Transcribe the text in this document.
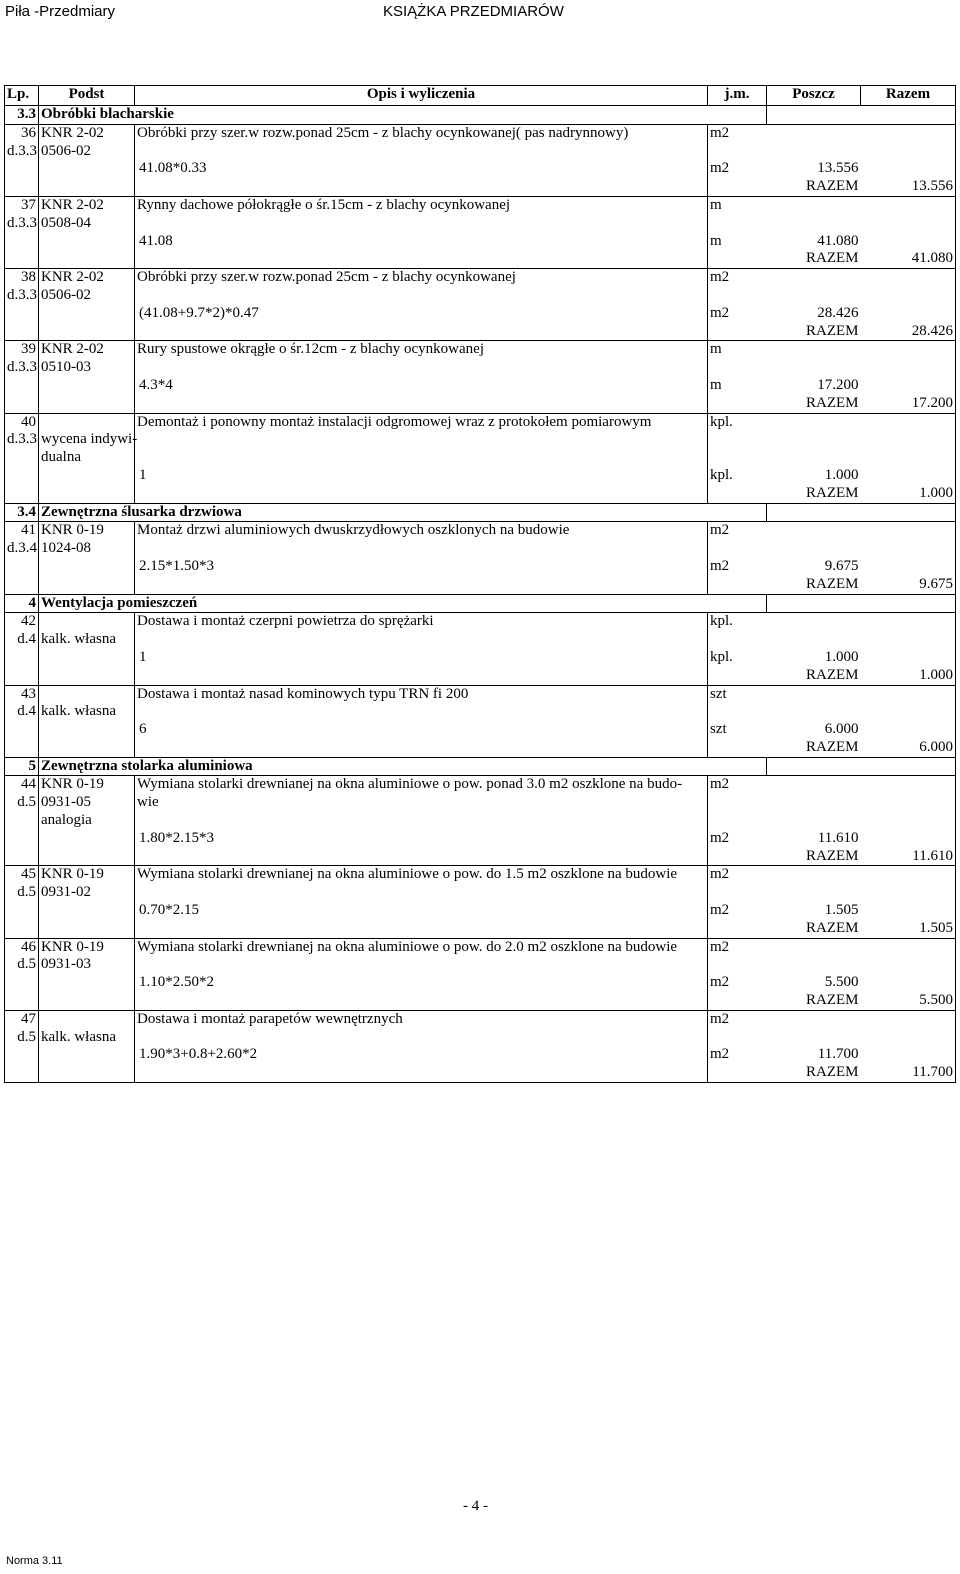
Piła -Przedmiary	KSIĄŻKA PRZEDMIARÓW
Lp.	Podst	Opis i wyliczenia	j.m.	Poszcz	Razem
3.3	Obróbki blacharskie				
36	KNR 2-02	Obróbki przy szer.w rozw.ponad 25cm - z blachy ocynkowanej( pas nadrynnowy)	m2		
d.3.3	0506-02				
		41.08*0.33	m2	13.556	
				RAZEM	13.556
37	KNR 2-02	Rynny dachowe półokrągłe o śr.15cm - z blachy ocynkowanej	m		
d.3.3	0508-04				
		41.08	m	41.080	
				RAZEM	41.080
38	KNR 2-02	Obróbki przy szer.w rozw.ponad 25cm - z blachy ocynkowanej	m2		
d.3.3	0506-02				
		(41.08+9.7*2)*0.47	m2	28.426	
				RAZEM	28.426
39	KNR 2-02	Rury spustowe okrągłe o śr.12cm - z blachy ocynkowanej	m		
d.3.3	0510-03				
		4.3*4	m	17.200	
				RAZEM	17.200
40		Demontaż i ponowny montaż instalacji odgromowej wraz z protokołem pomiarowym	kpl.		
d.3.3	wycena indywi-				
	dualna				
		1	kpl.	1.000	
				RAZEM	1.000
3.4	Zewnętrzna ślusarka drzwiowa				
41	KNR 0-19	Montaż drzwi aluminiowych dwuskrzydłowych oszklonych na budowie	m2		
d.3.4	1024-08				
		2.15*1.50*3	m2	9.675	
				RAZEM	9.675
4	Wentylacja pomieszczeń				
42		Dostawa i montaż czerpni powietrza do sprężarki	kpl.		
d.4	kalk. własna				
		1	kpl.	1.000	
				RAZEM	1.000
43		Dostawa i montaż nasad kominowych typu TRN fi 200	szt		
d.4	kalk. własna				
		6	szt	6.000	
				RAZEM	6.000
5	Zewnętrzna stolarka aluminiowa				
44	KNR 0-19	Wymiana stolarki drewnianej na okna aluminiowe o pow. ponad 3.0 m2 oszklone na budo-	m2		
d.5	0931-05	wie			
	analogia				
		1.80*2.15*3	m2	11.610	
				RAZEM	11.610
45	KNR 0-19	Wymiana stolarki drewnianej na okna aluminiowe o pow. do 1.5 m2 oszklone na budowie	m2		
d.5	0931-02				
		0.70*2.15	m2	1.505	
				RAZEM	1.505
46	KNR 0-19	Wymiana stolarki drewnianej na okna aluminiowe o pow. do 2.0 m2 oszklone na budowie	m2		
d.5	0931-03				
		1.10*2.50*2	m2	5.500	
				RAZEM	5.500
47		Dostawa i montaż parapetów wewnętrznych	m2		
d.5	kalk. własna				
		1.90*3+0.8+2.60*2	m2	11.700	
				RAZEM	11.700
- 4 -
Norma 3.11
